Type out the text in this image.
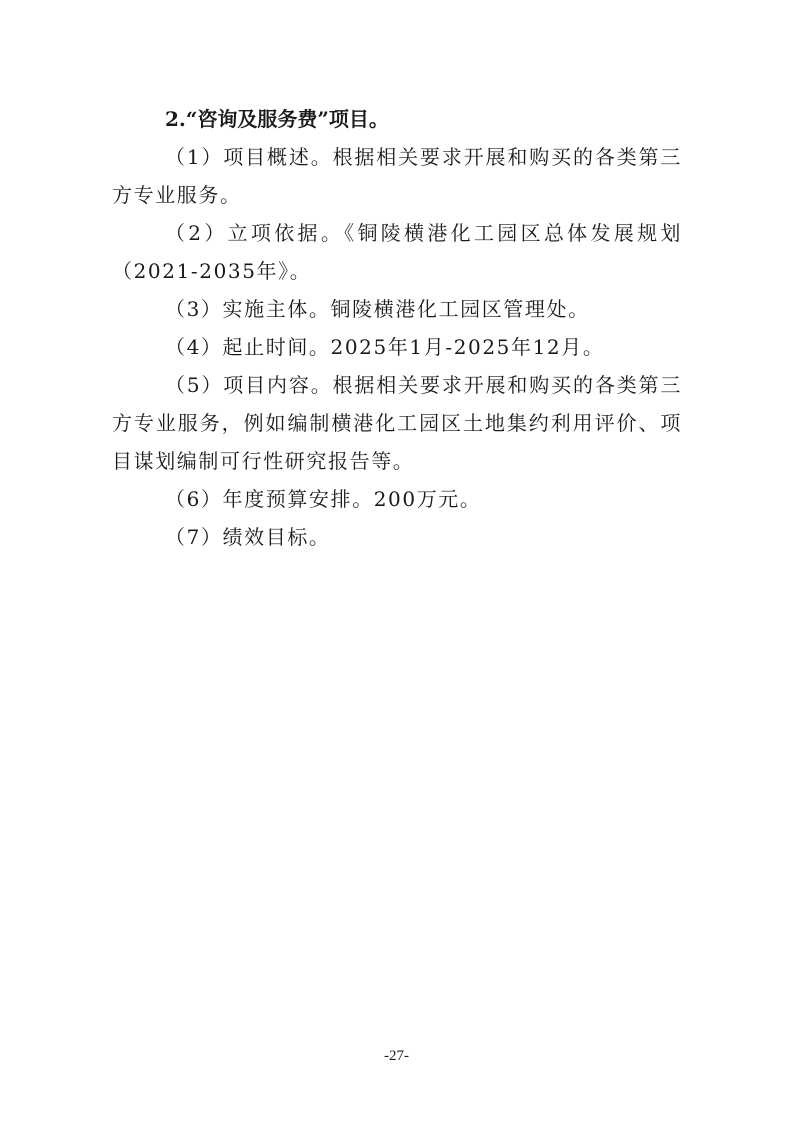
2.“咨询及服务费”项目。

（1）项目概述。根据相关要求开展和购买的各类第三方专业服务。

（2）立项依据。《铜陵横港化工园区总体发展规划（2021-2035年》。

（3）实施主体。铜陵横港化工园区管理处。

（4）起止时间。2025年1月-2025年12月。

（5）项目内容。根据相关要求开展和购买的各类第三方专业服务，例如编制横港化工园区土地集约利用评价、项目谋划编制可行性研究报告等。

（6）年度预算安排。200万元。

（7）绩效目标。

-27-
